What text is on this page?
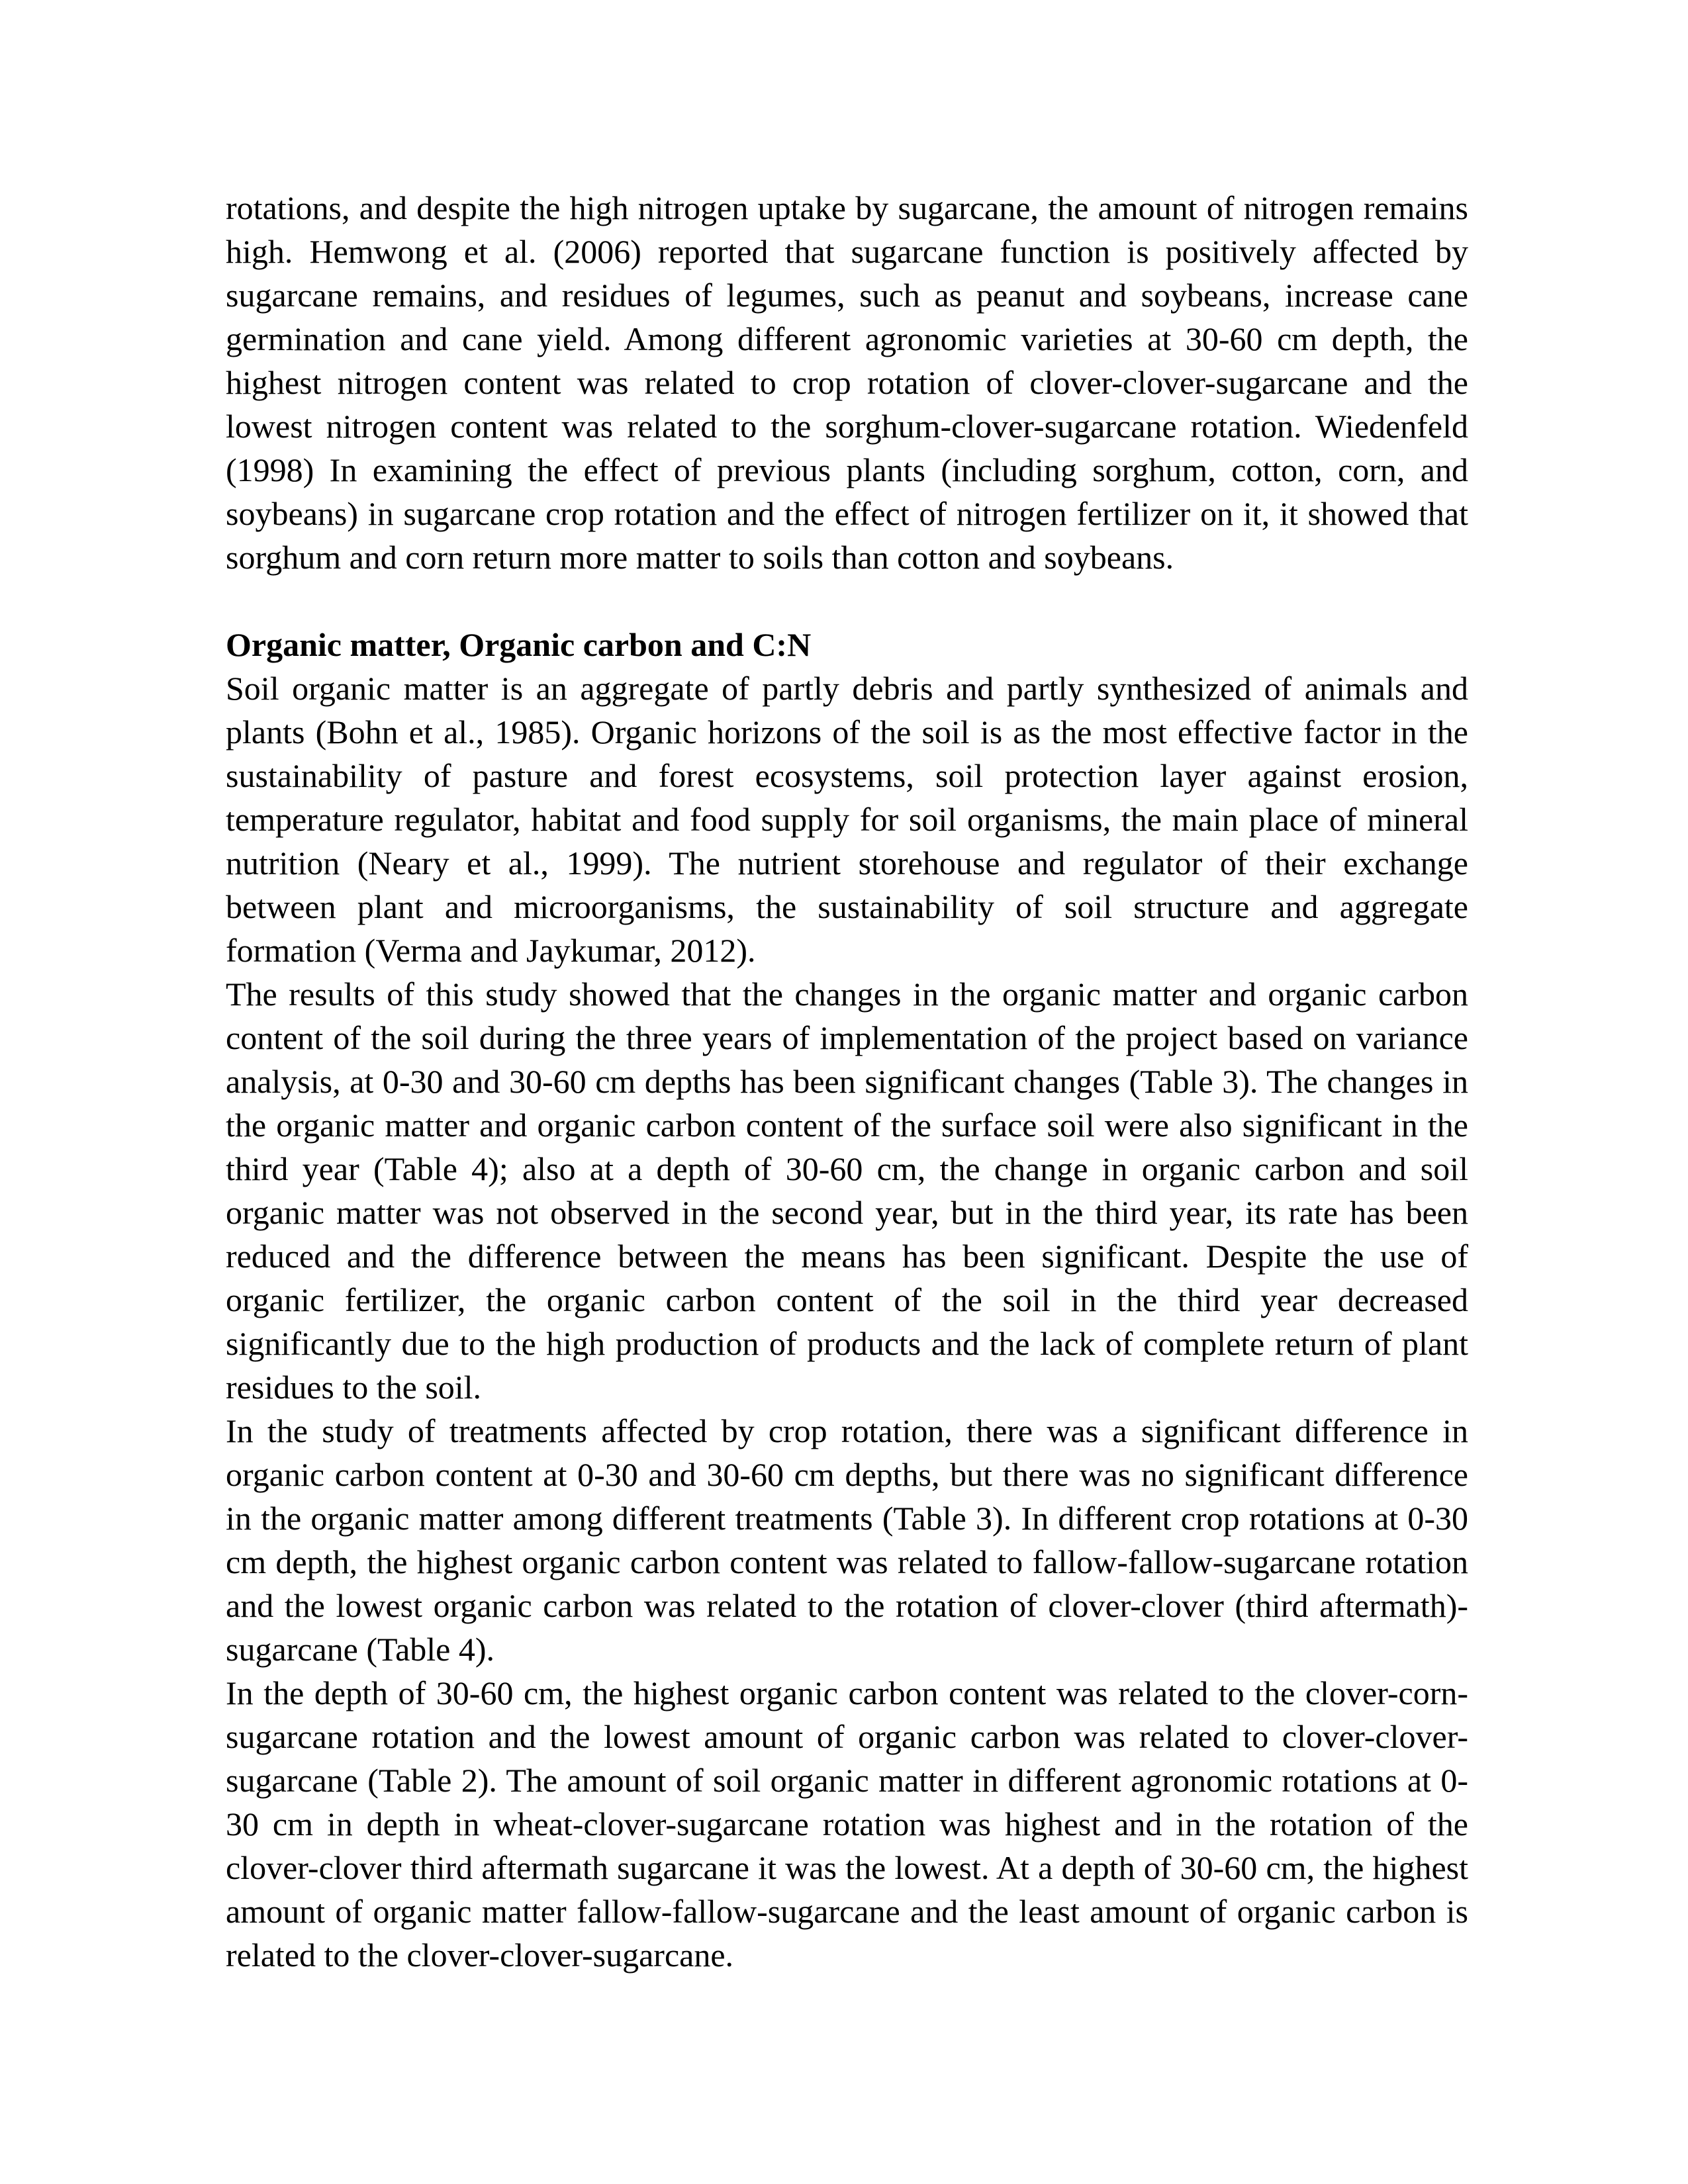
rotations, and despite the high nitrogen uptake by sugarcane, the amount of nitrogen remains high. Hemwong et al. (2006) reported that sugarcane function is positively affected by sugarcane remains, and residues of legumes, such as peanut and soybeans, increase cane germination and cane yield. Among different agronomic varieties at 30-60 cm depth, the highest nitrogen content was related to crop rotation of clover-clover-sugarcane and the lowest nitrogen content was related to the sorghum-clover-sugarcane rotation. Wiedenfeld (1998) In examining the effect of previous plants (including sorghum, cotton, corn, and soybeans) in sugarcane crop rotation and the effect of nitrogen fertilizer on it, it showed that sorghum and corn return more matter to soils than cotton and soybeans.

Organic matter, Organic carbon and C:N

Soil organic matter is an aggregate of partly debris and partly synthesized of animals and plants (Bohn et al., 1985). Organic horizons of the soil is as the most effective factor in the sustainability of pasture and forest ecosystems, soil protection layer against erosion, temperature regulator, habitat and food supply for soil organisms, the main place of mineral nutrition (Neary et al., 1999). The nutrient storehouse and regulator of their exchange between plant and microorganisms, the sustainability of soil structure and aggregate formation (Verma and Jaykumar, 2012).

The results of this study showed that the changes in the organic matter and organic carbon content of the soil during the three years of implementation of the project based on variance analysis, at 0-30 and 30-60 cm depths has been significant changes (Table 3). The changes in the organic matter and organic carbon content of the surface soil were also significant in the third year (Table 4); also at a depth of 30-60 cm, the change in organic carbon and soil organic matter was not observed in the second year, but in the third year, its rate has been reduced and the difference between the means has been significant. Despite the use of organic fertilizer, the organic carbon content of the soil in the third year decreased significantly due to the high production of products and the lack of complete return of plant residues to the soil.

In the study of treatments affected by crop rotation, there was a significant difference in organic carbon content at 0-30 and 30-60 cm depths, but there was no significant difference in the organic matter among different treatments (Table 3). In different crop rotations at 0-30 cm depth, the highest organic carbon content was related to fallow-fallow-sugarcane rotation and the lowest organic carbon was related to the rotation of clover-clover (third aftermath)-sugarcane (Table 4).

In the depth of 30-60 cm, the highest organic carbon content was related to the clover-corn-sugarcane rotation and the lowest amount of organic carbon was related to clover-clover-sugarcane (Table 2). The amount of soil organic matter in different agronomic rotations at 0-30 cm in depth in wheat-clover-sugarcane rotation was highest and in the rotation of the clover-clover third aftermath sugarcane it was the lowest. At a depth of 30-60 cm, the highest amount of organic matter fallow-fallow-sugarcane and the least amount of organic carbon is related to the clover-clover-sugarcane.
